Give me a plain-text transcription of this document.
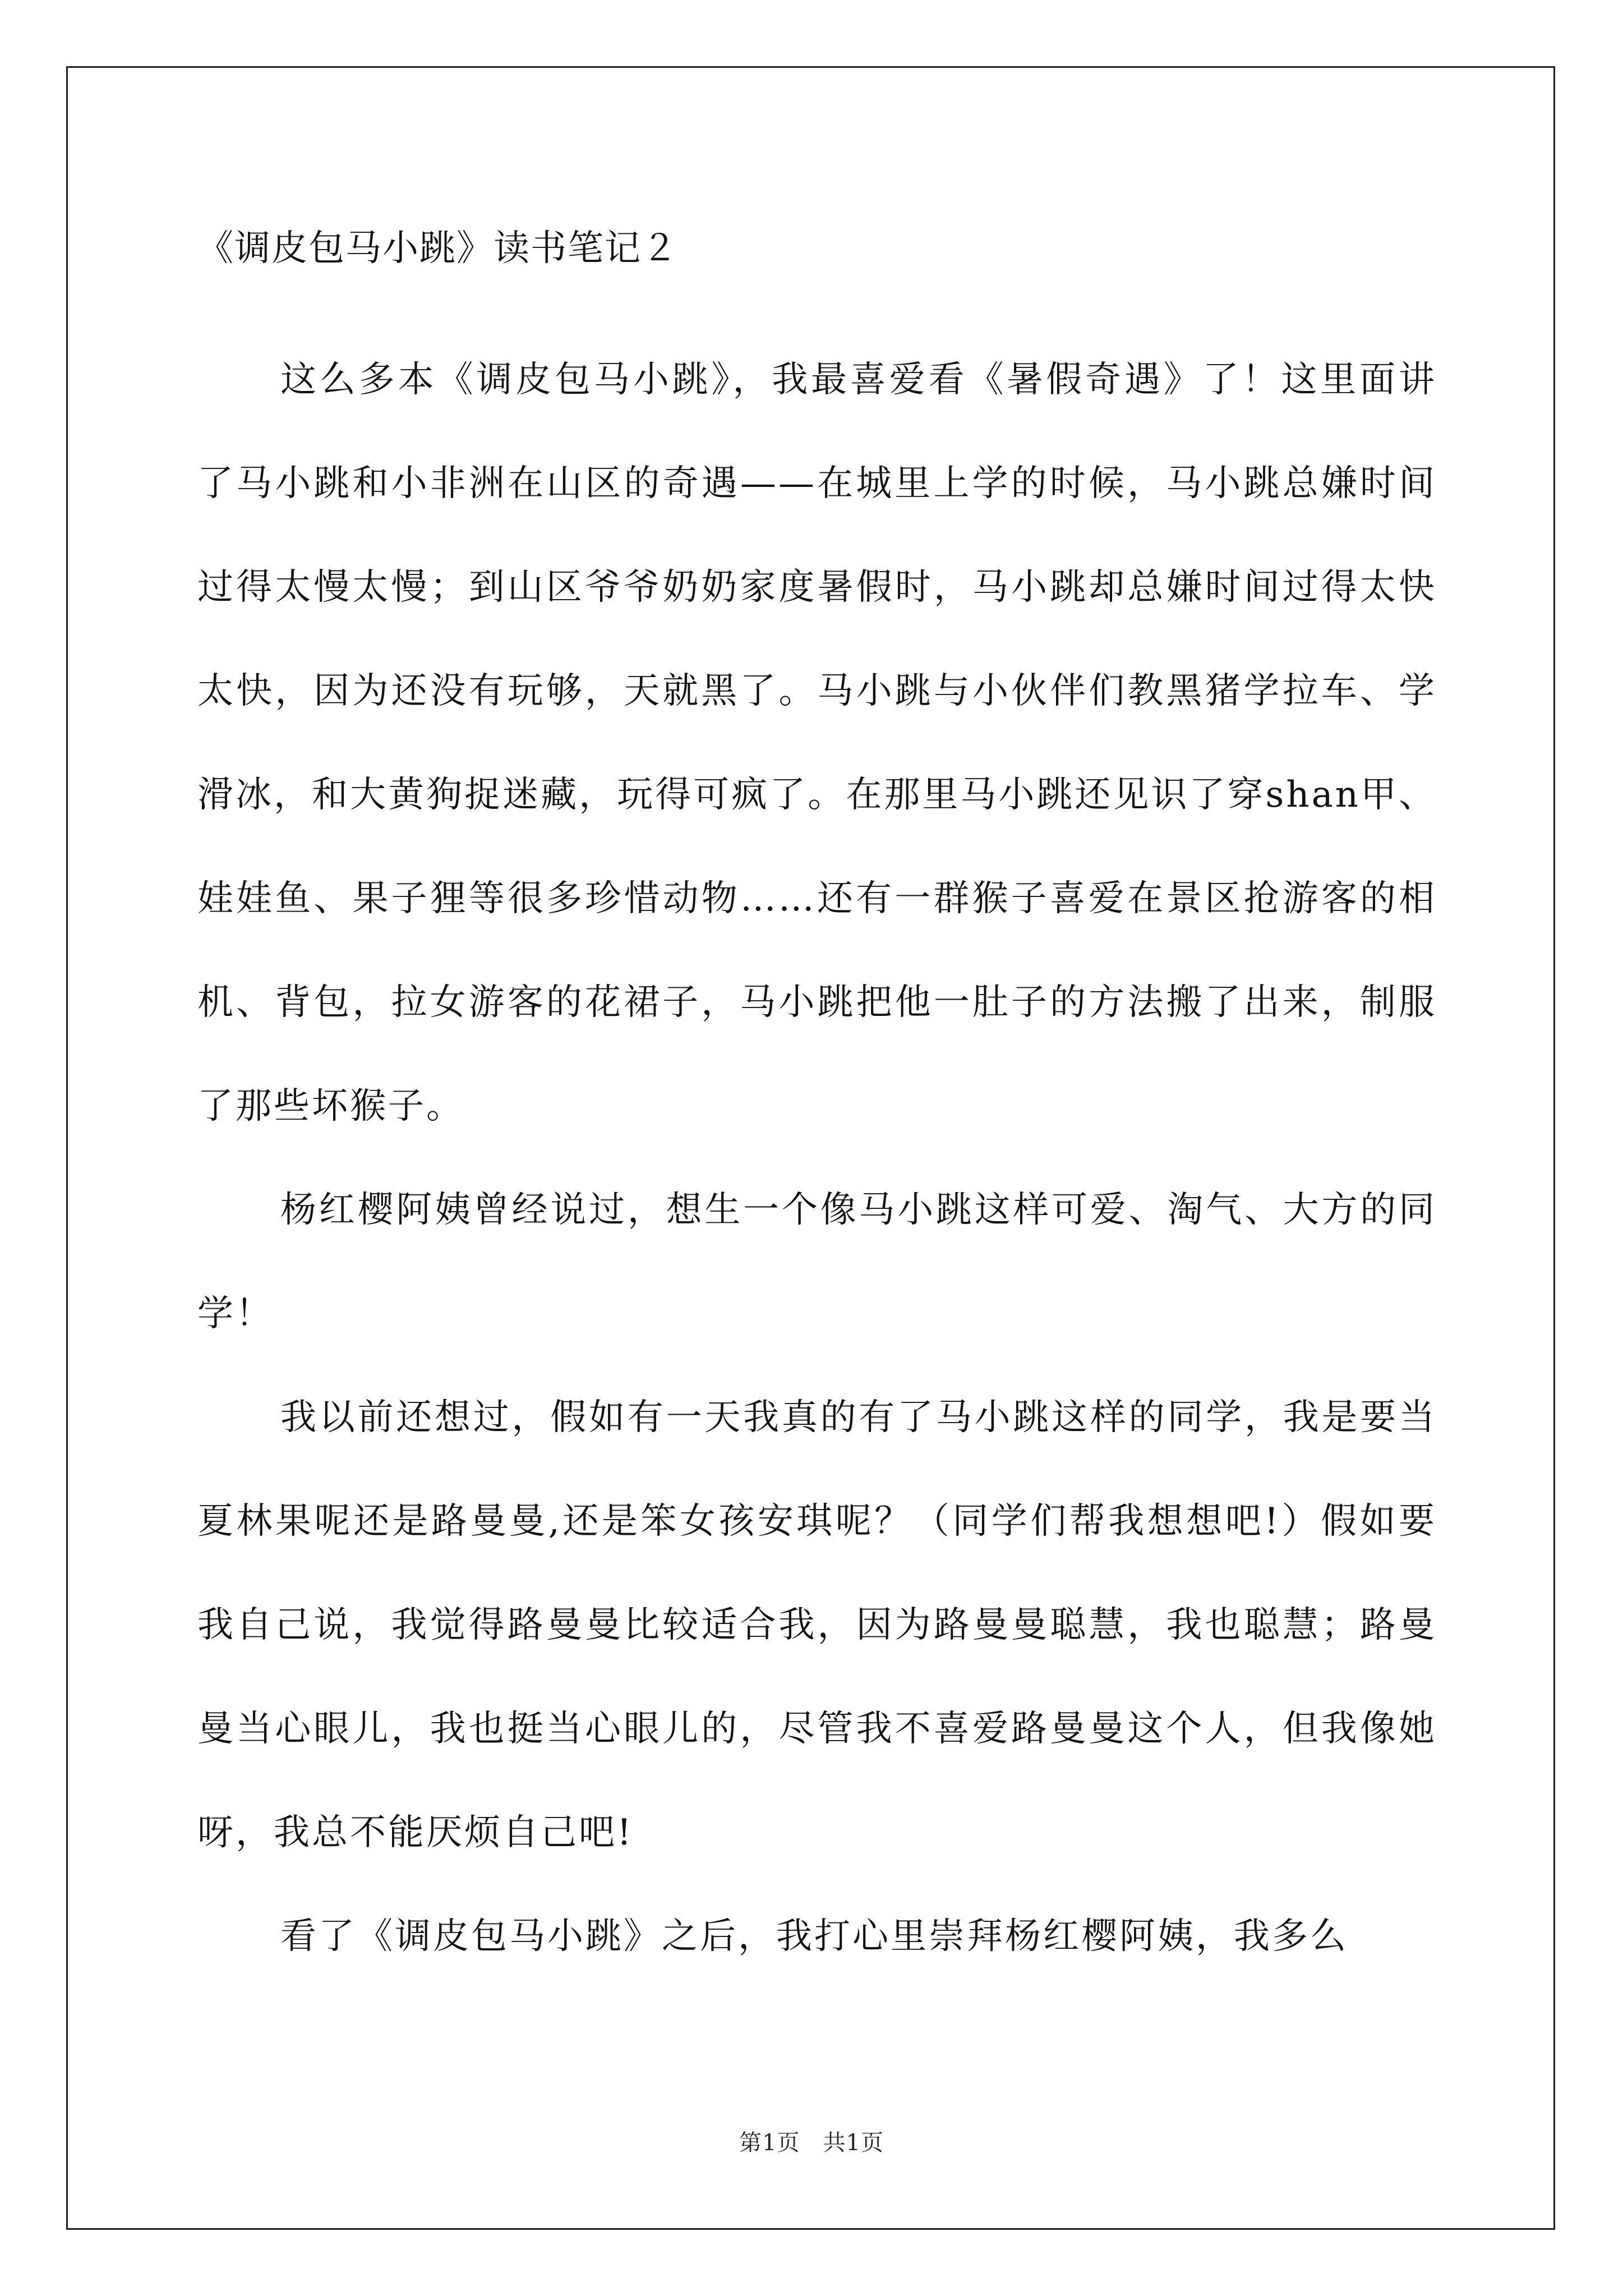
《调皮包马小跳》读书笔记２

这么多本《调皮包马小跳》，我最喜爱看《暑假奇遇》了！这里面讲了马小跳和小非洲在山区的奇遇——在城里上学的时候，马小跳总嫌时间过得太慢太慢；到山区爷爷奶奶家度暑假时，马小跳却总嫌时间过得太快太快，因为还没有玩够，天就黑了。马小跳与小伙伴们教黑猪学拉车、学滑冰，和大黄狗捉迷藏，玩得可疯了。在那里马小跳还见识了穿shan甲、娃娃鱼、果子狸等很多珍惜动物……还有一群猴子喜爱在景区抢游客的相机、背包，拉女游客的花裙子，马小跳把他一肚子的方法搬了出来，制服了那些坏猴子。

杨红樱阿姨曾经说过，想生一个像马小跳这样可爱、淘气、大方的同学！

我以前还想过，假如有一天我真的有了马小跳这样的同学，我是要当夏林果呢还是路曼曼,还是笨女孩安琪呢？（同学们帮我想想吧!）假如要我自己说，我觉得路曼曼比较适合我，因为路曼曼聪慧，我也聪慧；路曼曼当心眼儿，我也挺当心眼儿的，尽管我不喜爱路曼曼这个人，但我像她呀，我总不能厌烦自己吧!

看了《调皮包马小跳》之后，我打心里崇拜杨红樱阿姨，我多么

第1页　共1页
